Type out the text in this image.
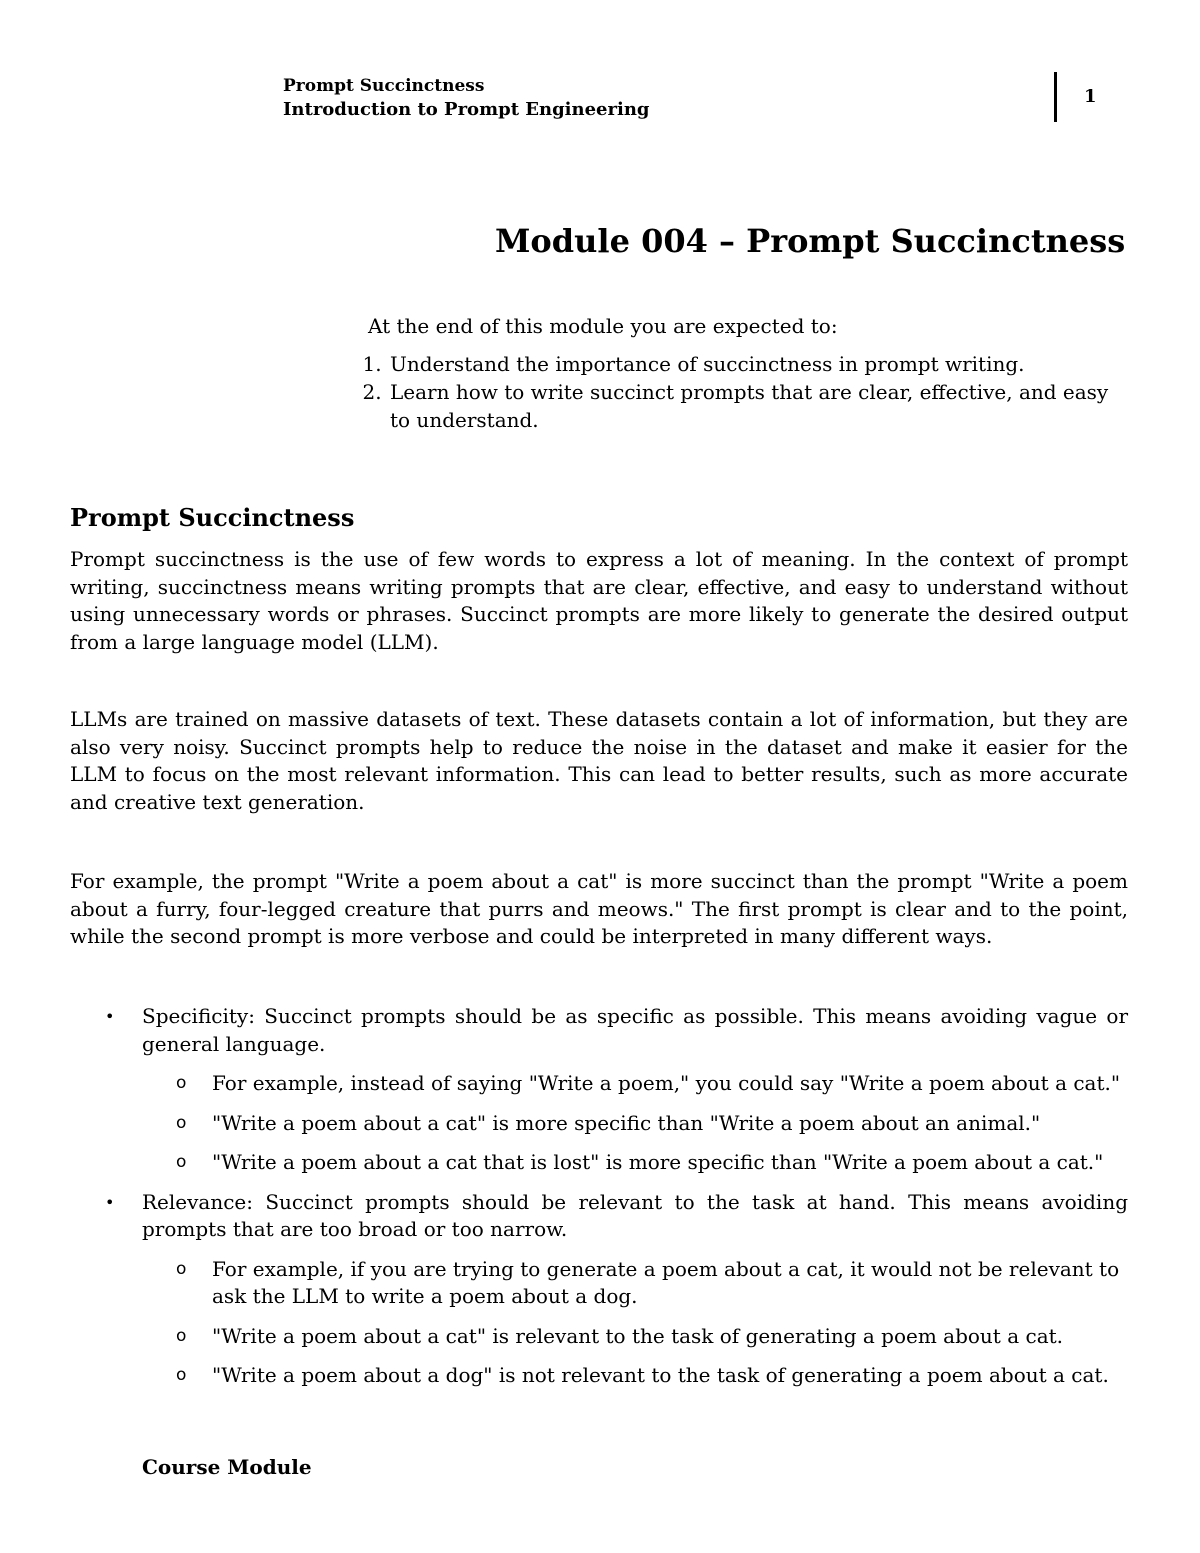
Prompt Succinctness
Introduction to Prompt Engineering
1
Module 004 – Prompt Succinctness
At the end of this module you are expected to:
1. Understand the importance of succinctness in prompt writing.
2. Learn how to write succinct prompts that are clear, effective, and easy to understand.
Prompt Succinctness

Prompt succinctness is the use of few words to express a lot of meaning. In the context of prompt writing, succinctness means writing prompts that are clear, effective, and easy to understand without using unnecessary words or phrases. Succinct prompts are more likely to generate the desired output from a large language model (LLM).

LLMs are trained on massive datasets of text. These datasets contain a lot of information, but they are also very noisy. Succinct prompts help to reduce the noise in the dataset and make it easier for the LLM to focus on the most relevant information. This can lead to better results, such as more accurate and creative text generation.

For example, the prompt "Write a poem about a cat" is more succinct than the prompt "Write a poem about a furry, four-legged creature that purrs and meows." The first prompt is clear and to the point, while the second prompt is more verbose and could be interpreted in many different ways.

• Specificity: Succinct prompts should be as specific as possible. This means avoiding vague or general language.
o For example, instead of saying "Write a poem," you could say "Write a poem about a cat."
o "Write a poem about a cat" is more specific than "Write a poem about an animal."
o "Write a poem about a cat that is lost" is more specific than "Write a poem about a cat."
• Relevance: Succinct prompts should be relevant to the task at hand. This means avoiding prompts that are too broad or too narrow.
o For example, if you are trying to generate a poem about a cat, it would not be relevant to ask the LLM to write a poem about a dog.
o "Write a poem about a cat" is relevant to the task of generating a poem about a cat.
o "Write a poem about a dog" is not relevant to the task of generating a poem about a cat.
Course Module
